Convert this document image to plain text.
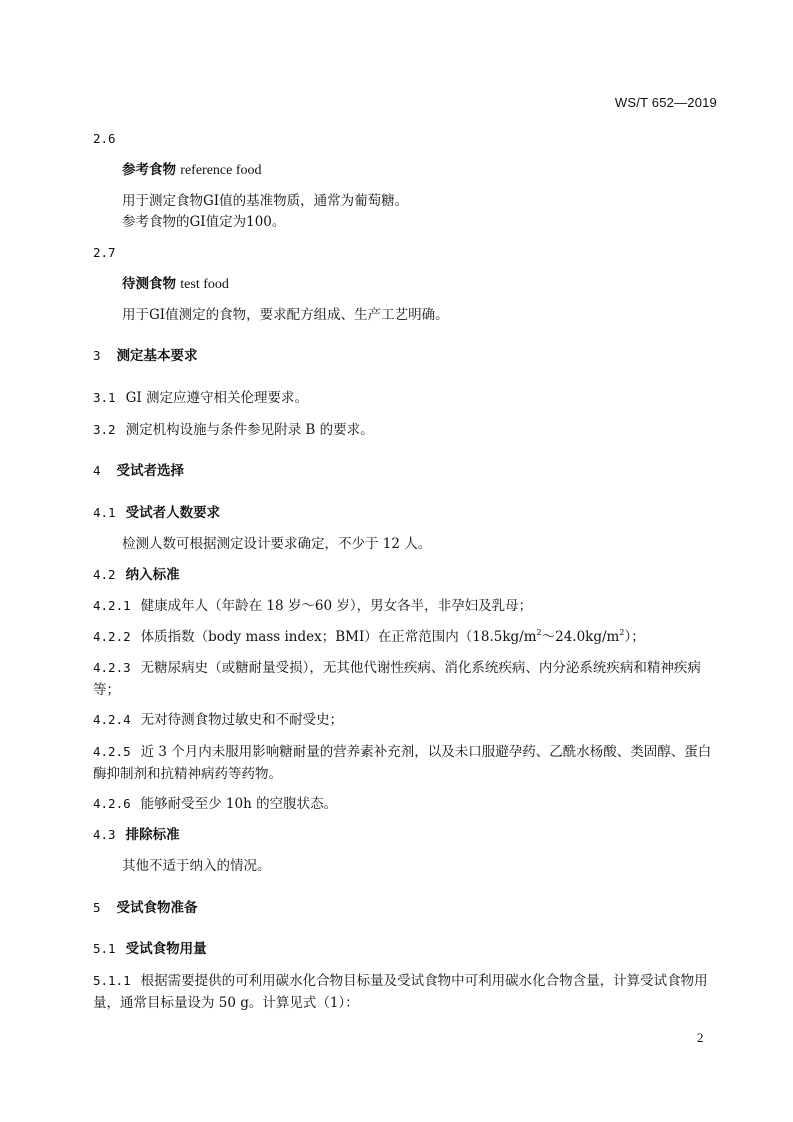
WS/T 652—2019
2.6
参考食物 reference food
用于测定食物GI值的基准物质，通常为葡萄糖。
参考食物的GI值定为100。
2.7
待测食物 test food
用于GI值测定的食物，要求配方组成、生产工艺明确。
3 测定基本要求
3.1 GI 测定应遵守相关伦理要求。
3.2 测定机构设施与条件参见附录 B 的要求。
4 受试者选择
4.1 受试者人数要求
检测人数可根据测定设计要求确定，不少于 12 人。
4.2 纳入标准
4.2.1 健康成年人（年龄在 18 岁～60 岁），男女各半，非孕妇及乳母；
4.2.2 体质指数（body mass index；BMI）在正常范围内$(18.5kg/m^2\sim 24.0kg/m^2)$；
4.2.3 无糖尿病史（或糖耐量受损），无其他代谢性疾病、消化系统疾病、内分泌系统疾病和精神疾病等；
4.2.4 无对待测食物过敏史和不耐受史；
4.2.5 近 3 个月内未服用影响糖耐量的营养素补充剂，以及未口服避孕药、乙酰水杨酸、类固醇、蛋白酶抑制剂和抗精神病药等药物。
4.2.6 能够耐受至少 10h 的空腹状态。
4.3 排除标准
其他不适于纳入的情况。
5 受试食物准备
5.1 受试食物用量
5.1.1 根据需要提供的可利用碳水化合物目标量及受试食物中可利用碳水化合物含量，计算受试食物用量，通常目标量设为 50 g。计算见式（1）：
2
